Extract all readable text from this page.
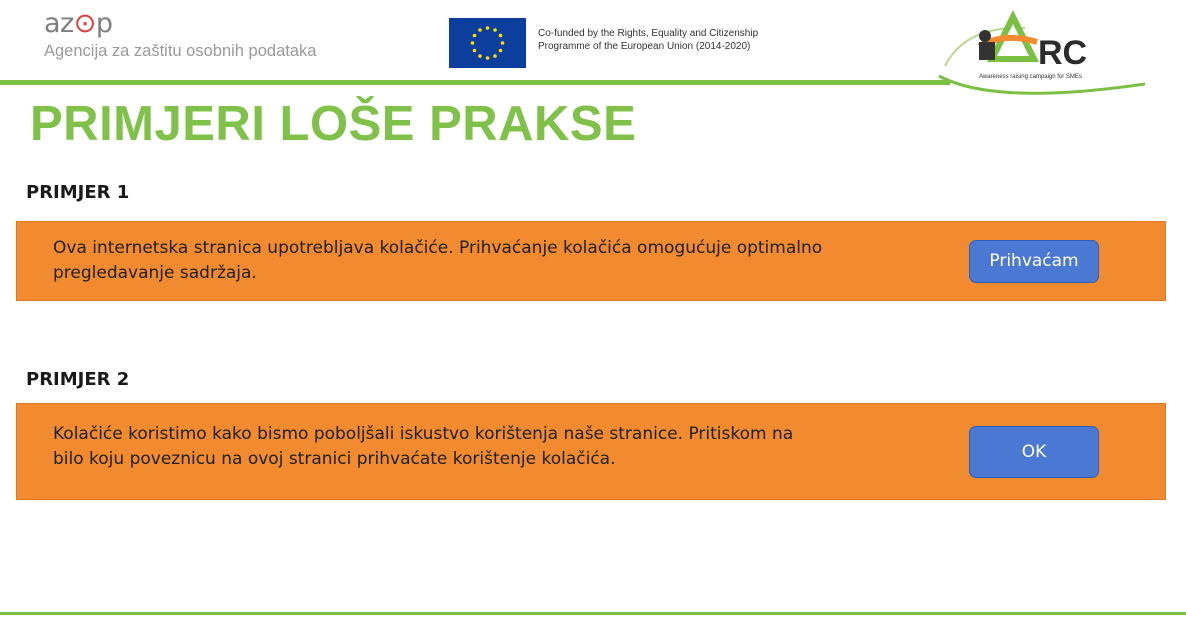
az⊙p
Agencija za zaštitu osobnih podataka
Co-funded by the Rights, Equality and Citizenship
Programme of the European Union (2014-2020)	RC
Awareness raising campaign for SMEs
PRIMJERI LOŠE PRAKSE
PRIMJER 1
Ova internetska stranica upotrebljava kolačiće. Prihvaćanje kolačića omogućuje optimalno
pregledavanje sadržaja.
Prihvaćam
PRIMJER 2
Kolačiće koristimo kako bismo poboljšali iskustvo korištenja naše stranice. Pritiskom na
bilo koju poveznicu na ovoj stranici prihvaćate korištenje kolačića.	OK
